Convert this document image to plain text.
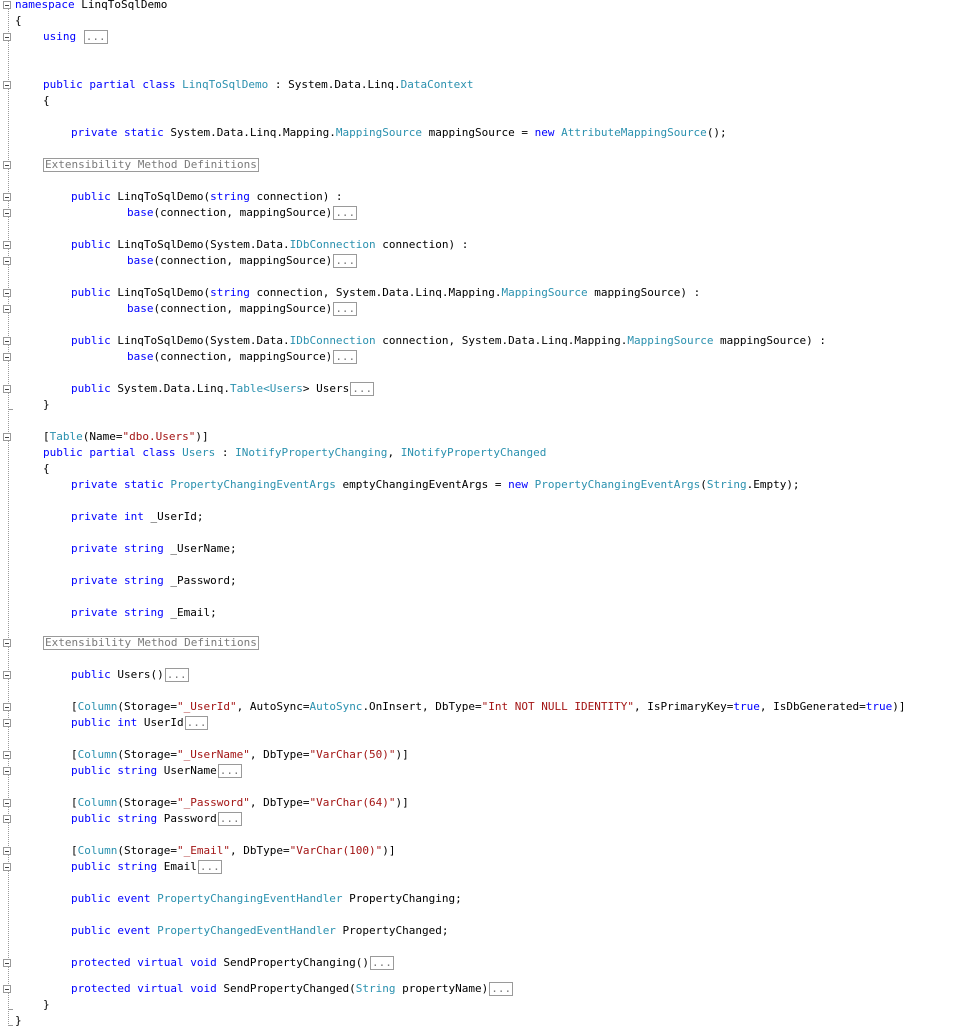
namespace LinqToSqlDemo
{
using ...
public partial class LinqToSqlDemo : System.Data.Linq.DataContext
{
private static System.Data.Linq.Mapping.MappingSource mappingSource = new AttributeMappingSource();
Extensibility Method Definitions
public LinqToSqlDemo(string connection) :
base(connection, mappingSource) ...
public LinqToSqlDemo(System.Data.IDbConnection connection) :
base(connection, mappingSource) ...
public LinqToSqlDemo(string connection, System.Data.Linq.Mapping.MappingSource mappingSource) :
base(connection, mappingSource) ...
public LinqToSqlDemo(System.Data.IDbConnection connection, System.Data.Linq.Mapping.MappingSource mappingSource) :
base(connection, mappingSource) ...
public System.Data.Linq.Table<Users> Users ...
}
[Table(Name="dbo.Users")]
public partial class Users : INotifyPropertyChanging, INotifyPropertyChanged
{
private static PropertyChangingEventArgs emptyChangingEventArgs = new PropertyChangingEventArgs(String.Empty);
private int _UserId;
private string _UserName;
private string _Password;
private string _Email;
Extensibility Method Definitions
public Users() ...
[Column(Storage="_UserId", AutoSync=AutoSync.OnInsert, DbType="Int NOT NULL IDENTITY", IsPrimaryKey=true, IsDbGenerated=true)]
public int UserId ...
[Column(Storage="_UserName", DbType="VarChar(50)")]
public string UserName ...
[Column(Storage="_Password", DbType="VarChar(64)")]
public string Password ...
[Column(Storage="_Email", DbType="VarChar(100)")]
public string Email ...
public event PropertyChangingEventHandler PropertyChanging;
public event PropertyChangedEventHandler PropertyChanged;
protected virtual void SendPropertyChanging() ...
protected virtual void SendPropertyChanged(String propertyName) ...
}
}
